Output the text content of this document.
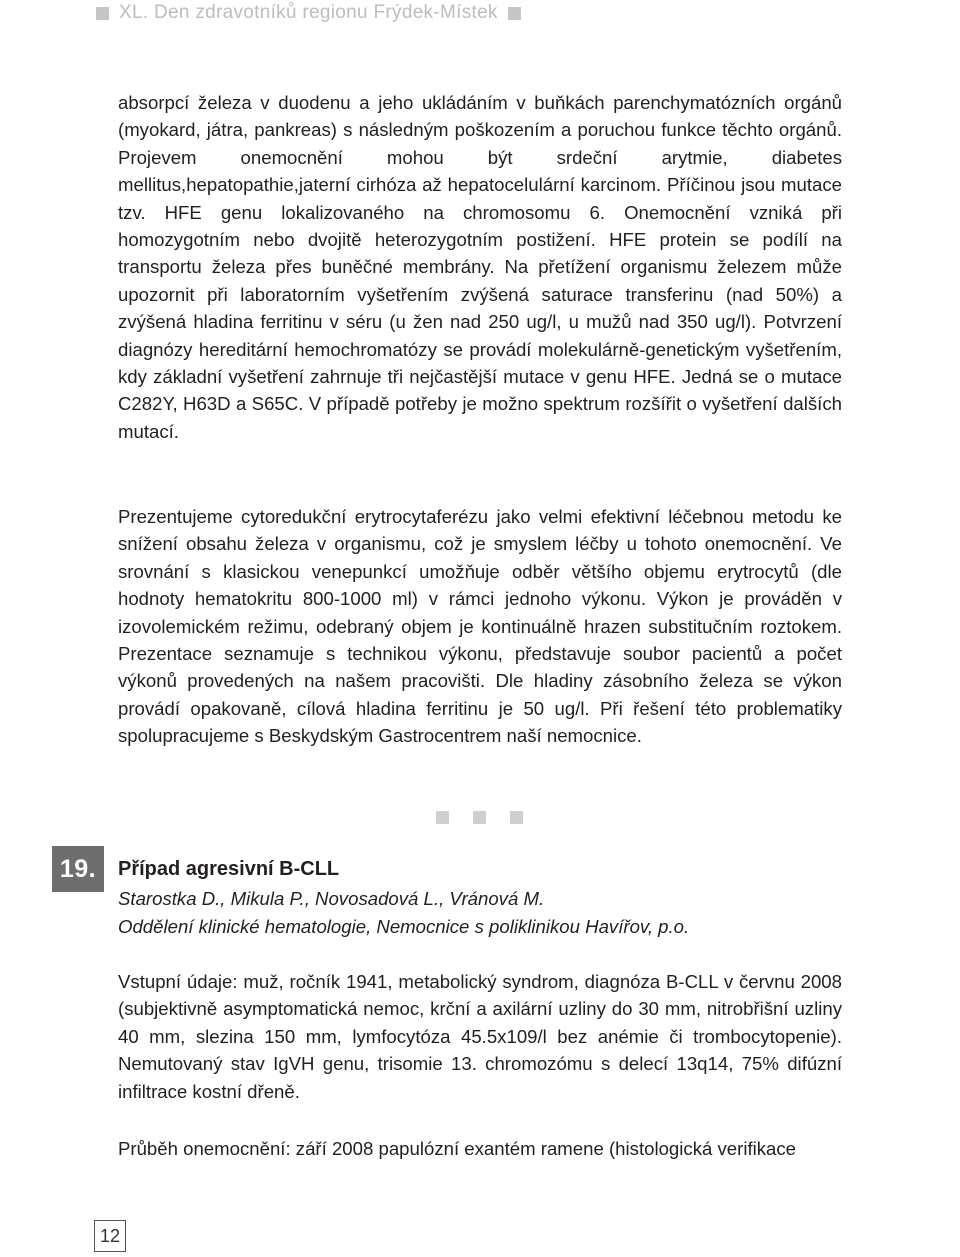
XL. Den zdravotníků regionu Frýdek-Místek

absorpcí železa v duodenu a jeho ukládáním v buňkách parenchymatózních orgánů (myokard, játra, pankreas) s následným poškozením a poruchou funkce těchto orgánů. Projevem onemocnění mohou být srdeční arytmie, diabetes mellitus,hepatopathie,jaterní cirhóza až hepatocelulární karcinom. Příčinou jsou mutace tzv. HFE genu lokalizovaného na chromosomu 6. Onemocnění vzniká při homozygotním nebo dvojitě heterozygotním postižení. HFE protein se podílí na transportu železa přes buněčné membrány. Na přetížení organismu železem může upozornit při laboratorním vyšetřením zvýšená saturace transferinu (nad 50%) a zvýšená hladina ferritinu v séru (u žen nad 250 ug/l, u mužů nad 350 ug/l). Potvrzení diagnózy hereditární hemochromatózy se provádí molekulárně-genetickým vyšetřením, kdy základní vyšetření zahrnuje tři nejčastější mutace v genu HFE. Jedná se o mutace C282Y, H63D a S65C. V případě potřeby je možno spektrum rozšířit o vyšetření dalších mutací.

Prezentujeme cytoredukční erytrocytaferézu jako velmi efektivní léčebnou metodu ke snížení obsahu železa v organismu, což je smyslem léčby u tohoto onemocnění. Ve srovnání s klasickou venepunkcí umožňuje odběr většího objemu erytrocytů (dle hodnoty hematokritu 800-1000 ml) v rámci jednoho výkonu. Výkon je prováděn v izovolemickém režimu, odebraný objem je kontinuálně hrazen substitučním roztokem. Prezentace seznamuje s technikou výkonu, představuje soubor pacientů a počet výkonů provedených na našem pracovišti. Dle hladiny zásobního železa se výkon provádí opakovaně, cílová hladina ferritinu je 50 ug/l. Při řešení této problematiky spolupracujeme s Beskydským Gastrocentrem naší nemocnice.

19.	Případ agresivní B-CLL

Starostka D., Mikula P., Novosadová L., Vránová M.

Oddělení klinické hematologie, Nemocnice s poliklinikou Havířov, p.o.

Vstupní údaje: muž, ročník 1941, metabolický syndrom, diagnóza B-CLL v červnu 2008 (subjektivně asymptomatická nemoc, krční a axilární uzliny do 30 mm, nitrobřišní uzliny 40 mm, slezina 150 mm, lymfocytóza 45.5x109/l bez anémie či trombocytopenie). Nemutovaný stav IgVH genu, trisomie 13. chromozómu s delecí 13q14, 75% difúzní infiltrace kostní dřeně.

Průběh onemocnění: září 2008 papulózní exantém ramene (histologická verifikace

12
